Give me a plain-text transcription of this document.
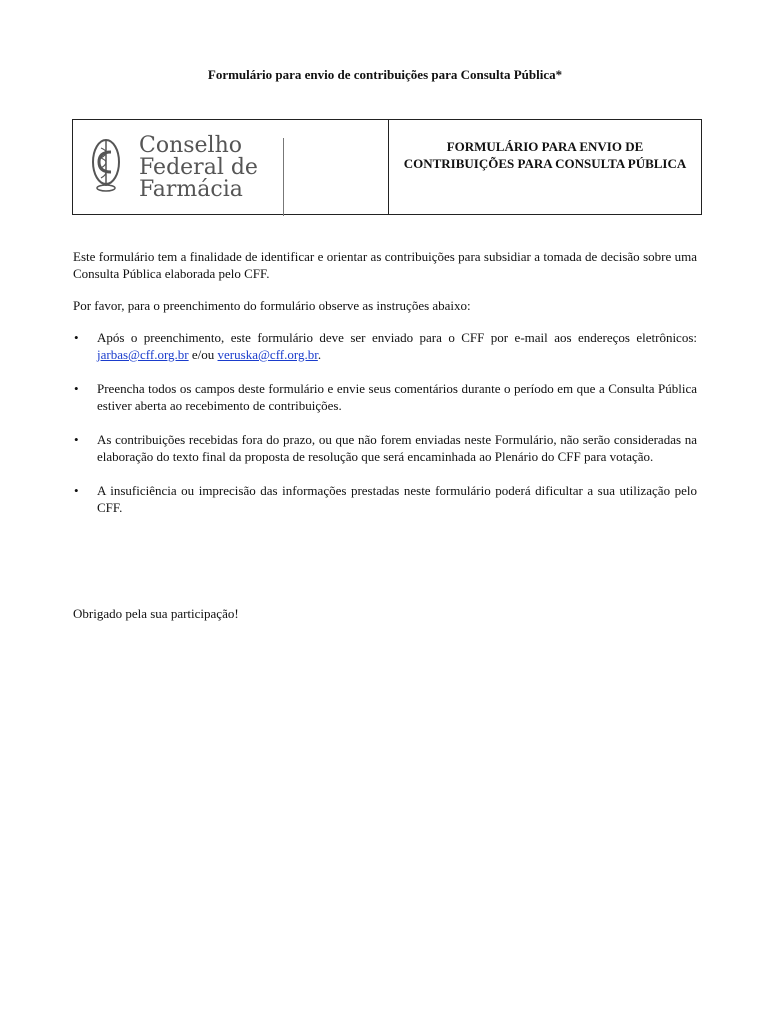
Formulário para envio de contribuições para Consulta Pública*
Conselho
Federal de
Farmácia
FORMULÁRIO PARA ENVIO DE CONTRIBUIÇÕES PARA CONSULTA PÚBLICA

Este formulário tem a finalidade de identificar e orientar as contribuições para subsidiar a tomada de decisão sobre uma Consulta Pública elaborada pelo CFF.

Por favor, para o preenchimento do formulário observe as instruções abaixo:

• Após o preenchimento, este formulário deve ser enviado para o CFF por e-mail aos endereços eletrônicos: jarbas@cff.org.br e/ou veruska@cff.org.br.
• Preencha todos os campos deste formulário e envie seus comentários durante o período em que a Consulta Pública estiver aberta ao recebimento de contribuições.
• As contribuições recebidas fora do prazo, ou que não forem enviadas neste Formulário, não serão consideradas na elaboração do texto final da proposta de resolução que será encaminhada ao Plenário do CFF para votação.
• A insuficiência ou imprecisão das informações prestadas neste formulário poderá dificultar a sua utilização pelo CFF.
Obrigado pela sua participação!
